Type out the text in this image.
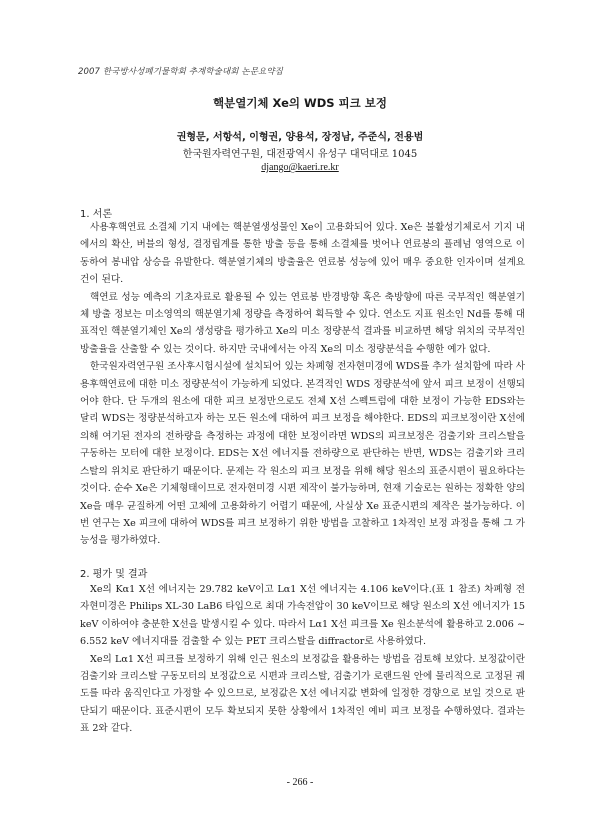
2007 한국방사성폐기물학회 추계학술대회 논문요약집
핵분열기체 Xe의 WDS 피크 보정
권형문, 서항석, 이형권, 양용석, 장정남, 주준식, 전용범
한국원자력연구원, 대전광역시 유성구 대덕대로 1045
django@kaeri.re.kr
1. 서론

사용후핵연료 소결체 기지 내에는 핵분열생성물인 Xe이 고용화되어 있다. Xe은 불활성기체로서 기지 내에서의 확산, 버블의 형성, 결정립계를 통한 방출 등을 통해 소결체를 벗어나 연료봉의 플레넘 영역으로 이동하여 봉내압 상승을 유발한다. 핵분열기체의 방출율은 연료봉 성능에 있어 매우 중요한 인자이며 설계요건이 된다.

핵연료 성능 예측의 기초자료로 활용될 수 있는 연료봉 반경방향 혹은 축방향에 따른 국부적인 핵분열기체 방출 정보는 미소영역의 핵분열기체 정량을 측정하여 획득할 수 있다. 연소도 지표 원소인 Nd를 통해 대표적인 핵분열기체인 Xe의 생성량을 평가하고 Xe의 미소 정량분석 결과를 비교하면 해당 위치의 국부적인 방출율을 산출할 수 있는 것이다. 하지만 국내에서는 아직 Xe의 미소 정량분석을 수행한 예가 없다.

한국원자력연구원 조사후시험시설에 설치되어 있는 차폐형 전자현미경에 WDS를 추가 설치함에 따라 사용후핵연료에 대한 미소 정량분석이 가능하게 되었다. 본격적인 WDS 정량분석에 앞서 피크 보정이 선행되어야 한다. 단 두개의 원소에 대한 피크 보정만으로도 전체 X선 스펙트럼에 대한 보정이 가능한 EDS와는 달리 WDS는 정량분석하고자 하는 모든 원소에 대하여 피크 보정을 해야한다. EDS의 피크보정이란 X선에 의해 여기된 전자의 전하량을 측정하는 과정에 대한 보정이라면 WDS의 피크보정은 검출기와 크리스탈을 구동하는 모터에 대한 보정이다. EDS는 X선 에너지를 전하량으로 판단하는 반면, WDS는 검출기와 크리스탈의 위치로 판단하기 때문이다. 문제는 각 원소의 피크 보정을 위해 해당 원소의 표준시편이 필요하다는 것이다. 순수 Xe은 기체형태이므로 전자현미경 시편 제작이 불가능하며, 현재 기술로는 원하는 정확한 양의 Xe을 매우 균질하게 어떤 고체에 고용화하기 어렵기 때문에, 사실상 Xe 표준시편의 제작은 불가능하다. 이번 연구는 Xe 피크에 대하여 WDS를 피크 보정하기 위한 방법을 고찰하고 1차적인 보정 과정을 통해 그 가능성을 평가하였다.

2. 평가 및 결과

Xe의 Kα1 X선 에너지는 29.782 keV이고 Lα1 X선 에너지는 4.106 keV이다.(표 1 참조) 차폐형 전자현미경은 Philips XL-30 LaB6 타입으로 최대 가속전압이 30 keV이므로 해당 원소의 X선 에너지가 15 keV 이하여야 충분한 X선을 발생시킬 수 있다. 따라서 Lα1 X선 피크를 Xe 원소분석에 활용하고 2.006 ~ 6.552 keV 에너지대를 검출할 수 있는 PET 크리스탈을 diffractor로 사용하였다.

Xe의 Lα1 X선 피크를 보정하기 위해 인근 원소의 보정값을 활용하는 방법을 검토해 보았다. 보정값이란 검출기와 크리스탈 구동모터의 보정값으로 시편과 크리스탈, 검출기가 로랜드원 안에 물리적으로 고정된 궤도를 따라 움직인다고 가정할 수 있으므로, 보정값은 X선 에너지값 변화에 일정한 경향으로 보일 것으로 판단되기 때문이다. 표준시편이 모두 확보되지 못한 상황에서 1차적인 예비 피크 보정을 수행하였다. 결과는 표 2와 같다.

- 266 -
